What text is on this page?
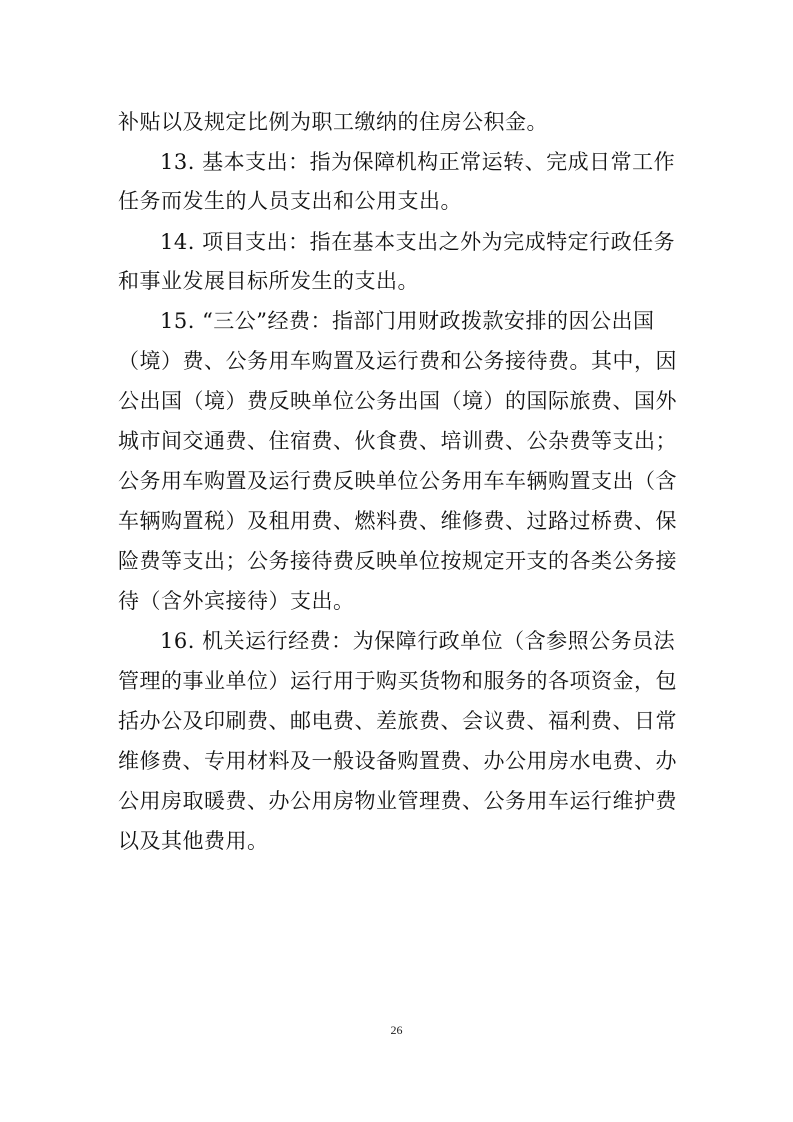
补贴以及规定比例为职工缴纳的住房公积金。
13. 基本支出：指为保障机构正常运转、完成日常工作
任务而发生的人员支出和公用支出。
14. 项目支出：指在基本支出之外为完成特定行政任务
和事业发展目标所发生的支出。
15. “三公”经费：指部门用财政拨款安排的因公出国
（境）费、公务用车购置及运行费和公务接待费。其中，因
公出国（境）费反映单位公务出国（境）的国际旅费、国外
城市间交通费、住宿费、伙食费、培训费、公杂费等支出；
公务用车购置及运行费反映单位公务用车车辆购置支出（含
车辆购置税）及租用费、燃料费、维修费、过路过桥费、保
险费等支出；公务接待费反映单位按规定开支的各类公务接
待（含外宾接待）支出。
16. 机关运行经费：为保障行政单位（含参照公务员法
管理的事业单位）运行用于购买货物和服务的各项资金，包
括办公及印刷费、邮电费、差旅费、会议费、福利费、日常
维修费、专用材料及一般设备购置费、办公用房水电费、办
公用房取暖费、办公用房物业管理费、公务用车运行维护费
以及其他费用。
26
